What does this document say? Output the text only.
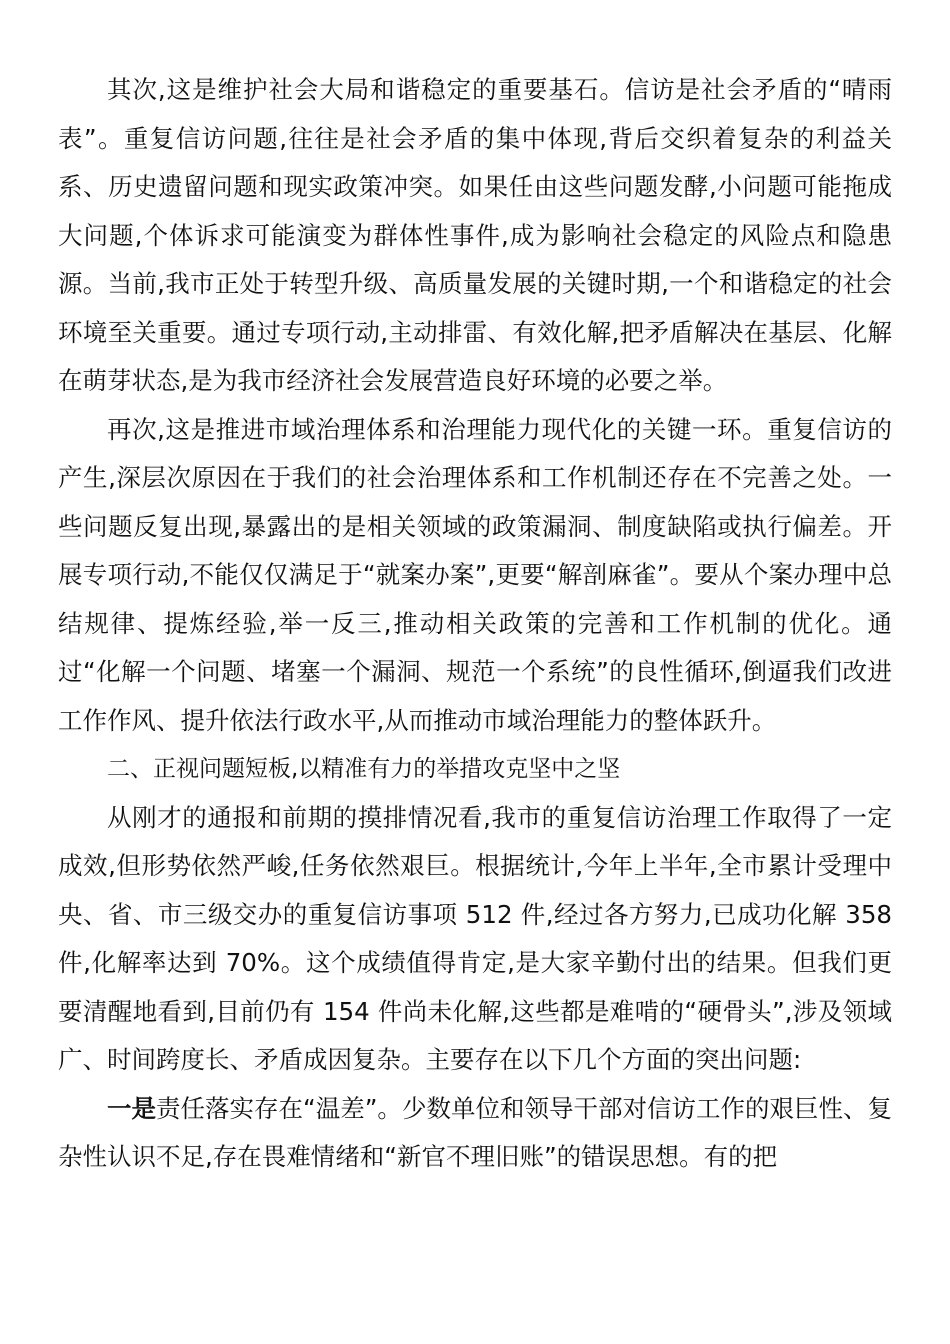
其次,这是维护社会大局和谐稳定的重要基石。信访是社会矛盾的“晴雨表”。重复信访问题,往往是社会矛盾的集中体现,背后交织着复杂的利益关系、历史遗留问题和现实政策冲突。如果任由这些问题发酵,小问题可能拖成大问题,个体诉求可能演变为群体性事件,成为影响社会稳定的风险点和隐患源。当前,我市正处于转型升级、高质量发展的关键时期,一个和谐稳定的社会环境至关重要。通过专项行动,主动排雷、有效化解,把矛盾解决在基层、化解在萌芽状态,是为我市经济社会发展营造良好环境的必要之举。

再次,这是推进市域治理体系和治理能力现代化的关键一环。重复信访的产生,深层次原因在于我们的社会治理体系和工作机制还存在不完善之处。一些问题反复出现,暴露出的是相关领域的政策漏洞、制度缺陷或执行偏差。开展专项行动,不能仅仅满足于“就案办案”,更要“解剖麻雀”。要从个案办理中总结规律、提炼经验,举一反三,推动相关政策的完善和工作机制的优化。通过“化解一个问题、堵塞一个漏洞、规范一个系统”的良性循环,倒逼我们改进工作作风、提升依法行政水平,从而推动市域治理能力的整体跃升。

二、正视问题短板,以精准有力的举措攻克坚中之坚

从刚才的通报和前期的摸排情况看,我市的重复信访治理工作取得了一定成效,但形势依然严峻,任务依然艰巨。根据统计,今年上半年,全市累计受理中央、省、市三级交办的重复信访事项 512 件,经过各方努力,已成功化解 358 件,化解率达到 70%。这个成绩值得肯定,是大家辛勤付出的结果。但我们更要清醒地看到,目前仍有 154 件尚未化解,这些都是难啃的“硬骨头”,涉及领域广、时间跨度长、矛盾成因复杂。主要存在以下几个方面的突出问题:

一是责任落实存在“温差”。少数单位和领导干部对信访工作的艰巨性、复杂性认识不足,存在畏难情绪和“新官不理旧账”的错误思想。有的把
